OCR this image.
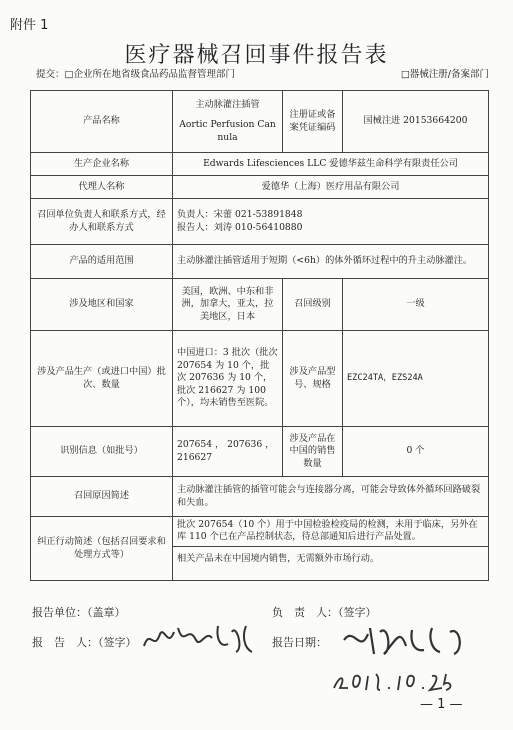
附件 1
医疗器械召回事件报告表
提交：□企业所在地省级食品药品监督管理部门	□器械注册/备案部门
产品名称	主动脉灌注插管
Aortic Perfusion Cannula	注册证或备案凭证编码	国械注进 20153664200
生产企业名称	Edwards Lifesciences LLC 爱德华兹生命科学有限责任公司		
代理人名称	爱德华（上海）医疗用品有限公司		
召回单位负责人和联系方式，经办人和联系方式	负责人：宋蕾 021-53891848
报告人：刘涛 010-56410880		

产品的适用范围	主动脉灌注插管适用于短期（<6h）的体外循环过程中的升主动脉灌注。		
涉及地区和国家	美国，欧洲、中东和非洲，加拿大，亚太，拉美地区，日本	召回级别	一级
涉及产品生产（或进口中国）批次、数量	中国进口：3 批次（批次 207654 为 10 个，批次 207636 为 10 个，批次 216627 为 100 个），均未销售至医院。	涉及产品型号、规格	EZC24TA，EZS24A
识别信息（如批号）	207654 ， 207636 ， 216627	涉及产品在中国的销售数量	0 个
召回原因简述	主动脉灌注插管的插管可能会与连接器分离，可能会导致体外循环回路破裂和失血。		
纠正行动简述（包括召回要求和处理方式等）	批次 207654（10 个）用于中国检验检疫局的检测，未用于临床，另外在库 110 个已在产品控制状态，待总部通知后进行产品处置。
相关产品未在中国境内销售，无需额外市场行动。		
报告单位：（盖章）	负　责　人：（签字）
报　告　人：（签字）	报告日期：
— 1 —
